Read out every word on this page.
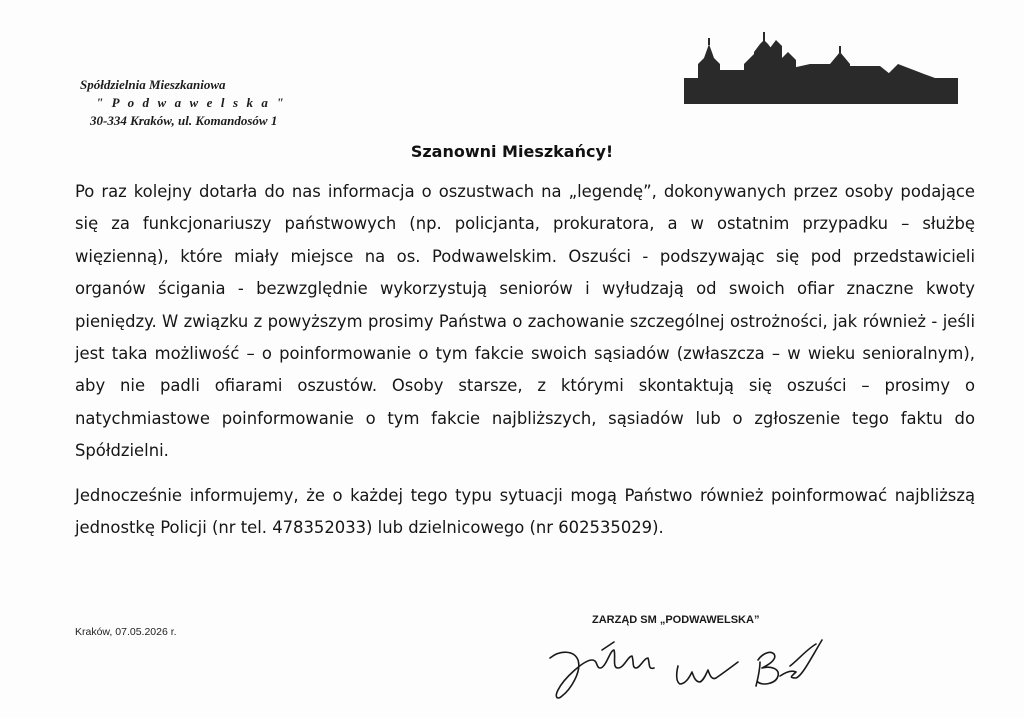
Spółdzielnia Mieszkaniowa
" P o d w a w e l s k a "
30-334 Kraków, ul. Komandosów 1
Szanowni Mieszkańcy!

Po raz kolejny dotarła do nas informacja o oszustwach na „legendę”, dokonywanych przez osoby podające się za funkcjonariuszy państwowych (np. policjanta, prokuratora, a w ostatnim przypadku – służbę więzienną), które miały miejsce na os. Podwawelskim. Oszuści - podszywając się pod przedstawicieli organów ścigania - bezwzględnie wykorzystują seniorów i wyłudzają od swoich ofiar znaczne kwoty pieniędzy. W związku z powyższym prosimy Państwa o zachowanie szczególnej ostrożności, jak również - jeśli jest taka możliwość – o poinformowanie o tym fakcie swoich sąsiadów (zwłaszcza – w wieku senioralnym), aby nie padli ofiarami oszustów. Osoby starsze, z którymi skontaktują się oszuści – prosimy o natychmiastowe poinformowanie o tym fakcie najbliższych, sąsiadów lub o zgłoszenie tego faktu do Spółdzielni.

Jednocześnie informujemy, że o każdej tego typu sytuacji mogą Państwo również poinformować najbliższą jednostkę Policji (nr tel. 478352033) lub dzielnicowego (nr 602535029).

Kraków, 07.05.2026 r.
ZARZĄD SM „PODWAWELSKA”
